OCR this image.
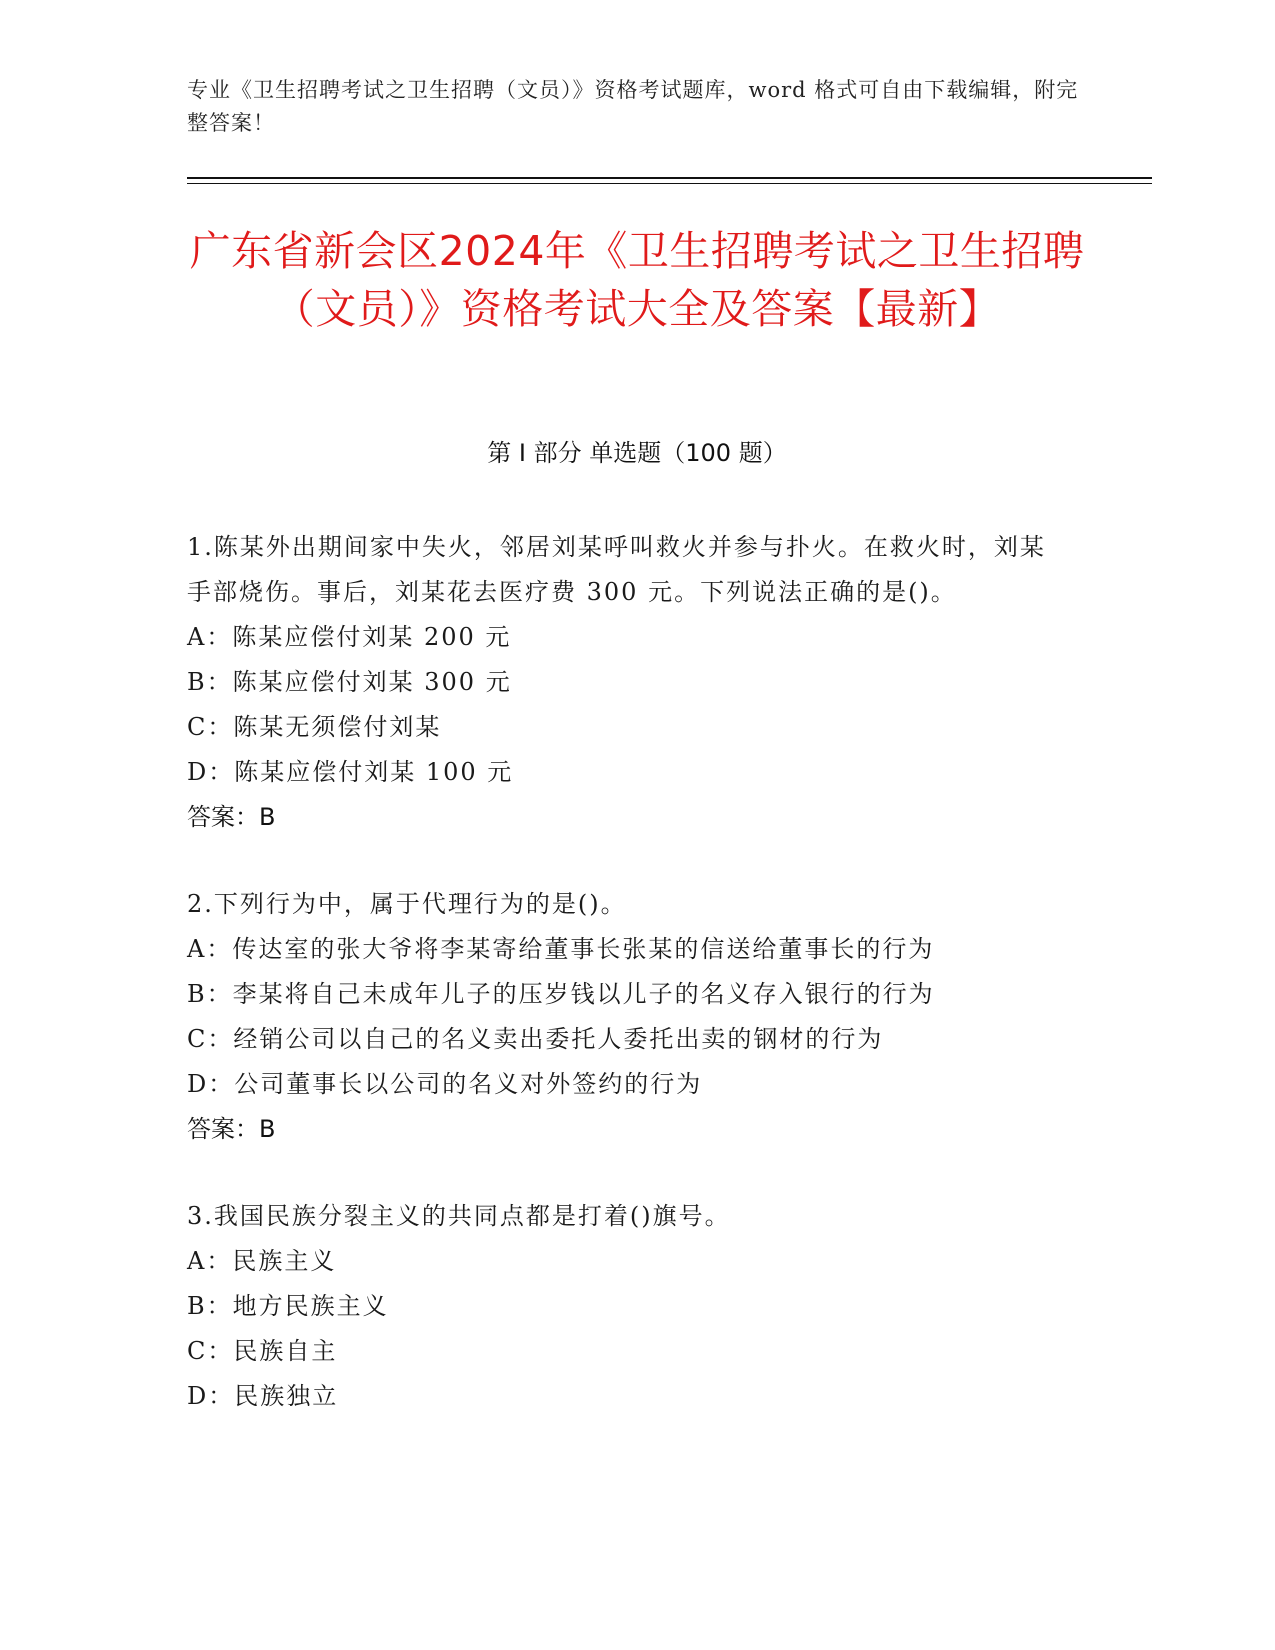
专业《卫生招聘考试之卫生招聘（文员）》资格考试题库，word 格式可自由下载编辑，附完整答案！
广东省新会区2024年《卫生招聘考试之卫生招聘（文员）》资格考试大全及答案【最新】
第 I 部分 单选题（100 题）
1.陈某外出期间家中失火，邻居刘某呼叫救火并参与扑火。在救火时，刘某手部烧伤。事后，刘某花去医疗费 300 元。下列说法正确的是()。
A：陈某应偿付刘某 200 元
B：陈某应偿付刘某 300 元
C：陈某无须偿付刘某
D：陈某应偿付刘某 100 元
答案：B
2.下列行为中，属于代理行为的是()。
A：传达室的张大爷将李某寄给董事长张某的信送给董事长的行为
B：李某将自己未成年儿子的压岁钱以儿子的名义存入银行的行为
C：经销公司以自己的名义卖出委托人委托出卖的钢材的行为
D：公司董事长以公司的名义对外签约的行为
答案：B
3.我国民族分裂主义的共同点都是打着()旗号。
A：民族主义
B：地方民族主义
C：民族自主
D：民族独立
